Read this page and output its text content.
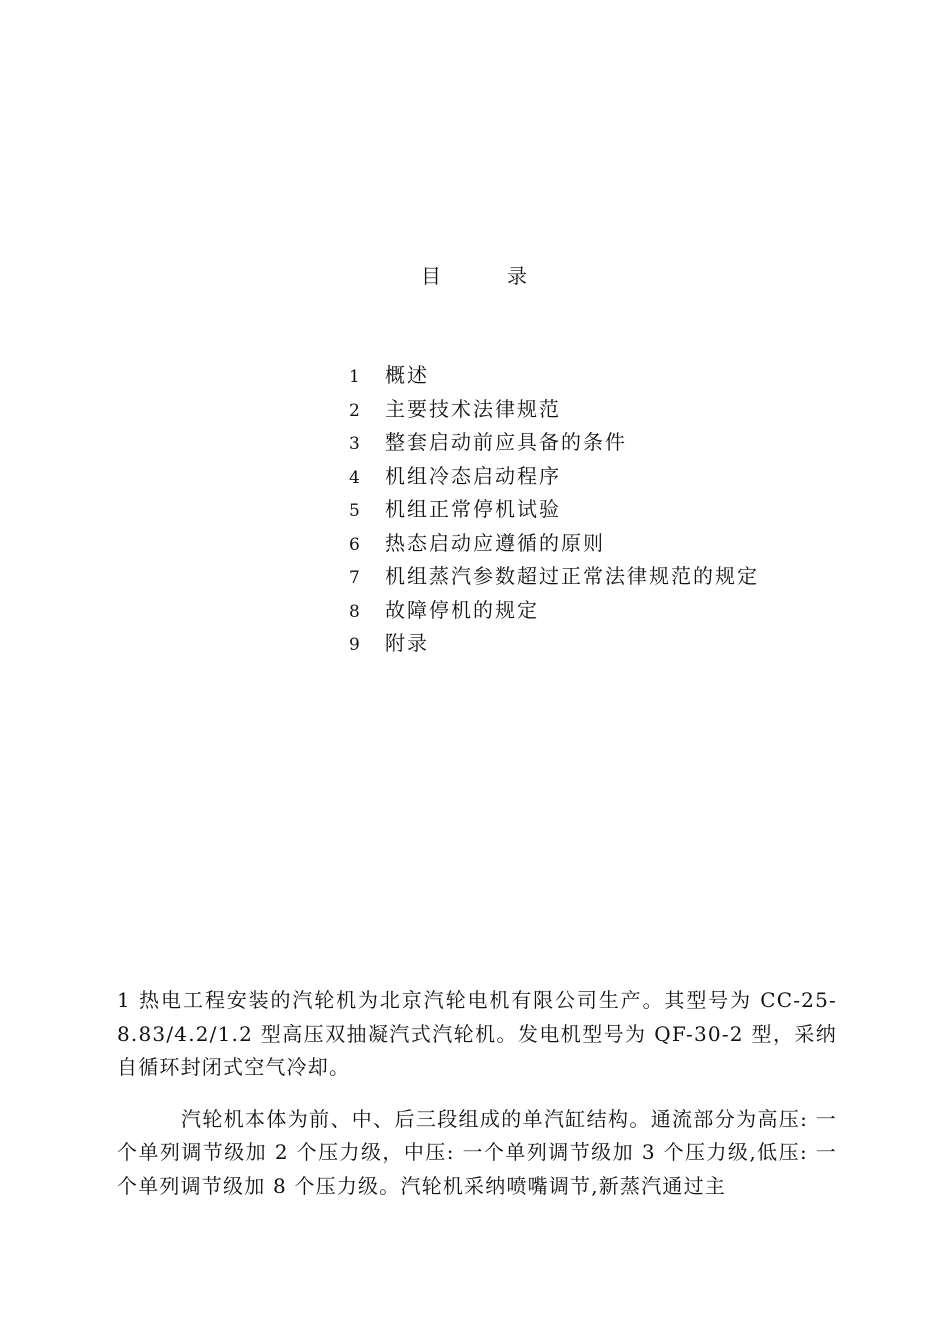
目	录
1 概述
2 主要技术法律规范
3 整套启动前应具备的条件
4 机组冷态启动程序
5 机组正常停机试验
6 热态启动应遵循的原则
7 机组蒸汽参数超过正常法律规范的规定
8 故障停机的规定
9 附录

1 热电工程安装的汽轮机为北京汽轮电机有限公司生产。其型号为 CC-25-8.83/4.2/1.2 型高压双抽凝汽式汽轮机。发电机型号为 QF-30-2 型，采纳自循环封闭式空气冷却。

汽轮机本体为前、中、后三段组成的单汽缸结构。通流部分为高压: 一个单列调节级加 2 个压力级，中压: 一个单列调节级加 3 个压力级,低压: 一个单列调节级加 8 个压力级。汽轮机采纳喷嘴调节,新蒸汽通过主
